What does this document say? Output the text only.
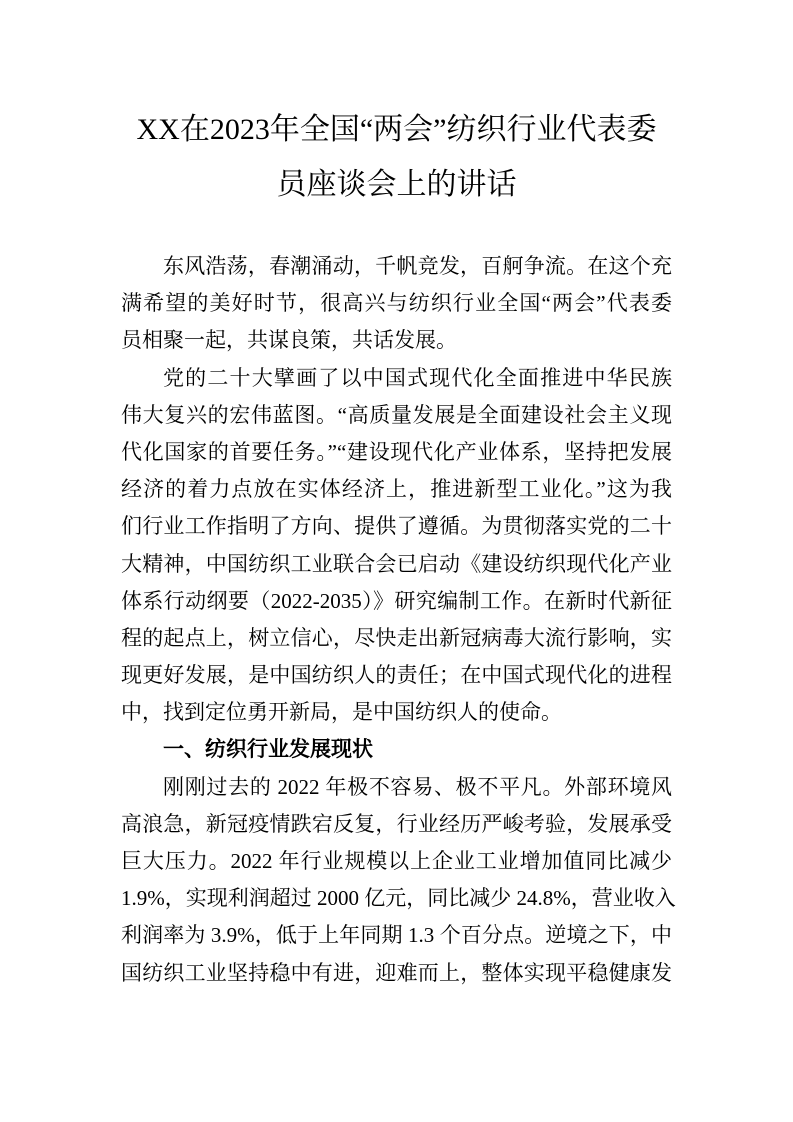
XX在2023年全国“两会”纺织行业代表委
员座谈会上的讲话
东风浩荡，春潮涌动，千帆竞发，百舸争流。在这个充
满希望的美好时节，很高兴与纺织行业全国“两会”代表委
员相聚一起，共谋良策，共话发展。
党的二十大擘画了以中国式现代化全面推进中华民族
伟大复兴的宏伟蓝图。“高质量发展是全面建设社会主义现
代化国家的首要任务。”“建设现代化产业体系，坚持把发展
经济的着力点放在实体经济上，推进新型工业化。”这为我
们行业工作指明了方向、提供了遵循。为贯彻落实党的二十
大精神，中国纺织工业联合会已启动《建设纺织现代化产业
体系行动纲要（2022-2035）》研究编制工作。在新时代新征
程的起点上，树立信心，尽快走出新冠病毒大流行影响，实
现更好发展，是中国纺织人的责任；在中国式现代化的进程
中，找到定位勇开新局，是中国纺织人的使命。
一、纺织行业发展现状
刚刚过去的 2022 年极不容易、极不平凡。外部环境风
高浪急，新冠疫情跌宕反复，行业经历严峻考验，发展承受
巨大压力。2022 年行业规模以上企业工业增加值同比减少
1.9%，实现利润超过 2000 亿元，同比减少 24.8%，营业收入
利润率为 3.9%，低于上年同期 1.3 个百分点。逆境之下，中
国纺织工业坚持稳中有进，迎难而上，整体实现平稳健康发
